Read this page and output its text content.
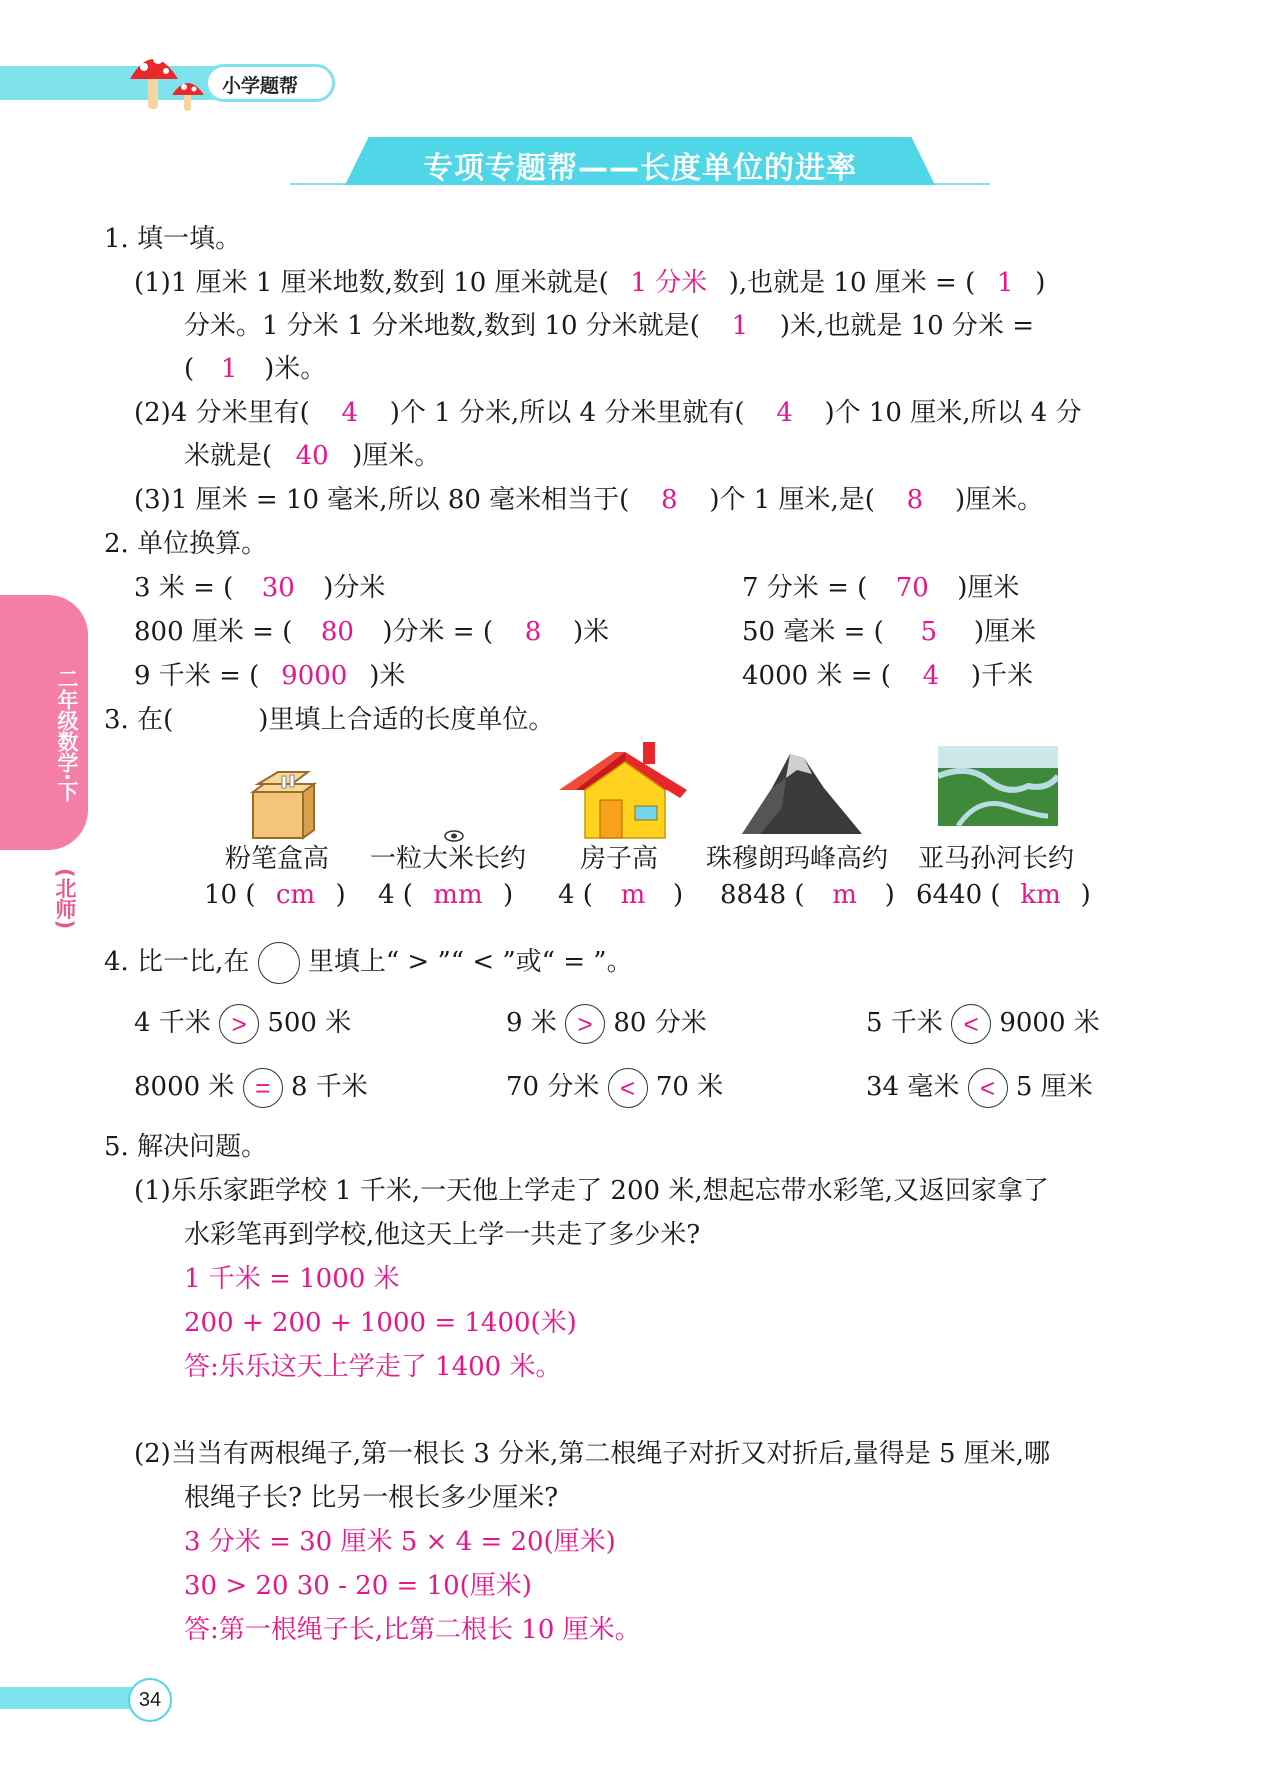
小学题帮
专项专题帮——长度单位的进率
二年级数学·下
(北师)
1. 填一填。
(1)1 厘米 1 厘米地数,数到 10 厘米就是( 1 分米 ),也就是 10 厘米 = ( 1 )
分米。1 分米 1 分米地数,数到 10 分米就是( 1 )米,也就是 10 分米 =
( 1 )米。
(2)4 分米里有( 4 )个 1 分米,所以 4 分米里就有( 4 )个 10 厘米,所以 4 分
米就是( 40 )厘米。
(3)1 厘米 = 10 毫米,所以 80 毫米相当于( 8 )个 1 厘米,是( 8 )厘米。
2. 单位换算。
3 米 = ( 30 )分米	7 分米 = ( 70 )厘米
800 厘米 = ( 80 )分米 = ( 8 )米	50 毫米 = ( 5 )厘米
9 千米 = ( 9000 )米	4000 米 = ( 4 )千米
3. 在(	)里填上合适的长度单位。
粉笔盒高 一粒大米长约 房子高 珠穆朗玛峰高约 亚马孙河长约
10 ( cm ) 4 ( mm ) 4 ( m ) 8848 ( m ) 6440 ( km )
4. 比一比,在 里填上“ > ”“ < ”或“ = ”。
4 千米 > 500 米	9 米 > 80 分米	5 千米 < 9000 米
8000 米 = 8 千米	70 分米 < 70 米	34 毫米 < 5 厘米
5. 解决问题。
(1)乐乐家距学校 1 千米,一天他上学走了 200 米,想起忘带水彩笔,又返回家拿了
水彩笔再到学校,他这天上学一共走了多少米?
1 千米 = 1000 米
200 + 200 + 1000 = 1400(米)
答:乐乐这天上学走了 1400 米。
(2)当当有两根绳子,第一根长 3 分米,第二根绳子对折又对折后,量得是 5 厘米,哪
根绳子长? 比另一根长多少厘米?
3 分米 = 30 厘米 5 × 4 = 20(厘米)
30 > 20 30 - 20 = 10(厘米)
答:第一根绳子长,比第二根长 10 厘米。
34
